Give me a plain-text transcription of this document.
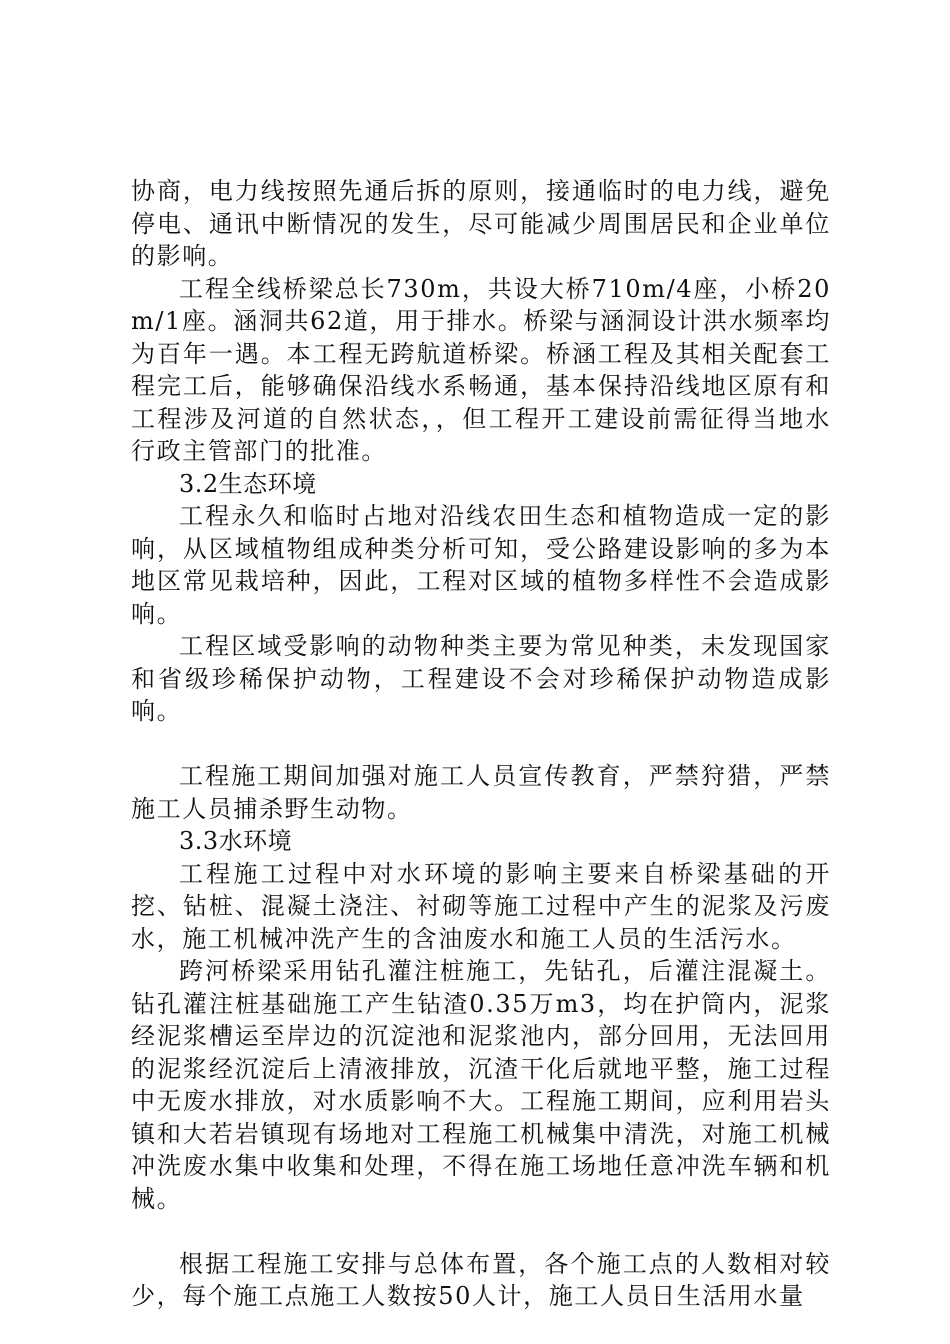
协商，电力线按照先通后拆的原则，接通临时的电力线，避免停电、通讯中断情况的发生，尽可能减少周围居民和企业单位的影响。

工程全线桥梁总长730m，共设大桥710m/4座，小桥20m/1座。涵洞共62道，用于排水。桥梁与涵洞设计洪水频率均为百年一遇。本工程无跨航道桥梁。桥涵工程及其相关配套工程完工后，能够确保沿线水系畅通，基本保持沿线地区原有和工程涉及河道的自然状态，，但工程开工建设前需征得当地水行政主管部门的批准。

3.2生态环境

工程永久和临时占地对沿线农田生态和植物造成一定的影响，从区域植物组成种类分析可知，受公路建设影响的多为本地区常见栽培种，因此，工程对区域的植物多样性不会造成影响。

工程区域受影响的动物种类主要为常见种类，未发现国家和省级珍稀保护动物，工程建设不会对珍稀保护动物造成影响。

工程施工期间加强对施工人员宣传教育，严禁狩猎，严禁施工人员捕杀野生动物。

3.3水环境

工程施工过程中对水环境的影响主要来自桥梁基础的开挖、钻桩、混凝土浇注、衬砌等施工过程中产生的泥浆及污废水，施工机械冲洗产生的含油废水和施工人员的生活污水。

跨河桥梁采用钻孔灌注桩施工，先钻孔，后灌注混凝土。钻孔灌注桩基础施工产生钻渣0.35万m3，均在护筒内，泥浆经泥浆槽运至岸边的沉淀池和泥浆池内，部分回用，无法回用的泥浆经沉淀后上清液排放，沉渣干化后就地平整，施工过程中无废水排放，对水质影响不大。工程施工期间，应利用岩头镇和大若岩镇现有场地对工程施工机械集中清洗，对施工机械冲洗废水集中收集和处理，不得在施工场地任意冲洗车辆和机械。

根据工程施工安排与总体布置，各个施工点的人数相对较少，每个施工点施工人数按50人计，施工人员日生活用水量
